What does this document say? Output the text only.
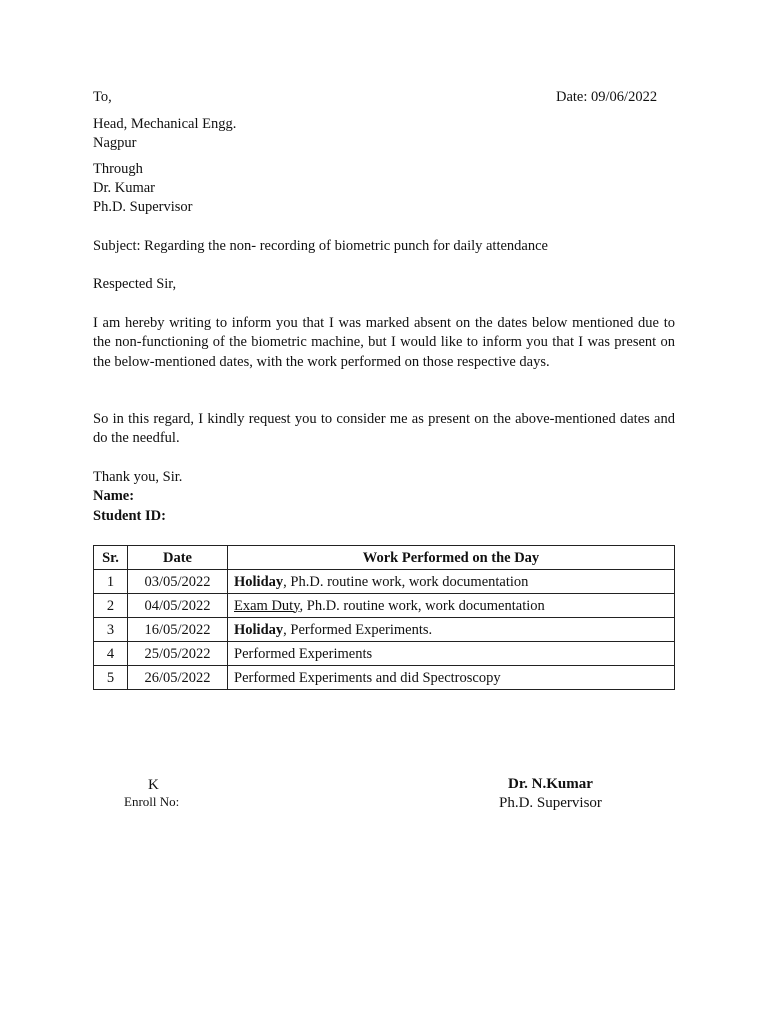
To,	Date: 09/06/2022
Head, Mechanical Engg.
Nagpur
Through
Dr. Kumar
Ph.D. Supervisor
Subject: Regarding the non- recording of biometric punch for daily attendance
Respected Sir,
I am hereby writing to inform you that I was marked absent on the dates below mentioned due to the non-functioning of the biometric machine, but I would like to inform you that I was present on the below-mentioned dates, with the work performed on those respective days.
So in this regard, I kindly request you to consider me as present on the above-mentioned dates and do the needful.
Thank you, Sir.
Name:
Student ID:
Sr.	Date	Work Performed on the Day
1	03/05/2022	Holiday, Ph.D. routine work, work documentation
2	04/05/2022	Exam Duty, Ph.D. routine work, work documentation
3	16/05/2022	Holiday, Performed Experiments.
4	25/05/2022	Performed Experiments
5	26/05/2022	Performed Experiments and did Spectroscopy
K
Enroll No:
Dr. N.Kumar
Ph.D. Supervisor
